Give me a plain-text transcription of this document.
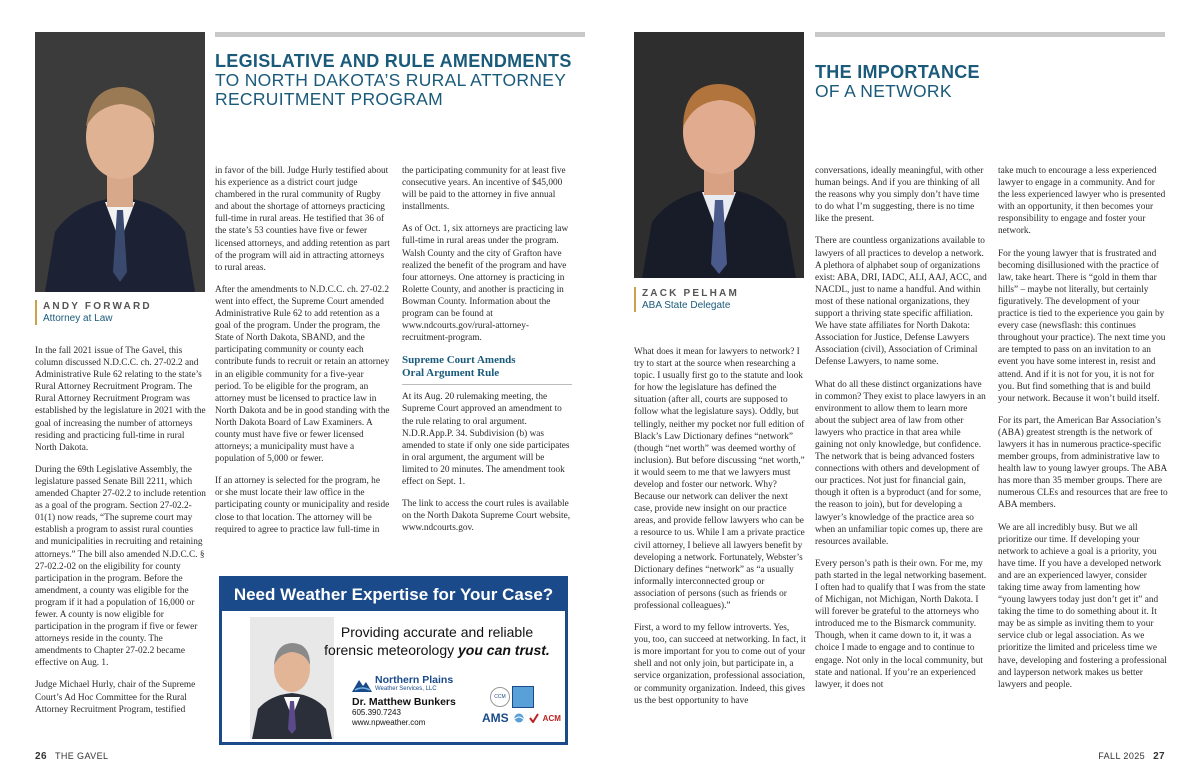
LEGISLATIVE AND RULE AMENDMENTS
TO NORTH DAKOTA’S RURAL ATTORNEY
RECRUITMENT PROGRAM
ANDY FORWARD
Attorney at Law

In the fall 2021 issue of The Gavel, this column discussed N.D.C.C. ch. 27-02.2 and Administrative Rule 62 relating to the state’s Rural Attorney Recruitment Program. The Rural Attorney Recruitment Program was established by the legislature in 2021 with the goal of increasing the number of attorneys residing and practicing full-time in rural North Dakota.

During the 69th Legislative Assembly, the legislature passed Senate Bill 2211, which amended Chapter 27-02.2 to include retention as a goal of the program. Section 27-02.2-01(1) now reads, “The supreme court may establish a program to assist rural counties and municipalities in recruiting and retaining attorneys.” The bill also amended N.D.C.C. § 27-02.2-02 on the eligibility for county participation in the program. Before the amendment, a county was eligible for the program if it had a population of 16,000 or fewer. A county is now eligible for participation in the program if five or fewer attorneys reside in the county. The amendments to Chapter 27-02.2 became effective on Aug. 1.

Judge Michael Hurly, chair of the Supreme Court’s Ad Hoc Committee for the Rural Attorney Recruitment Program, testified

in favor of the bill. Judge Hurly testified about his experience as a district court judge chambered in the rural community of Rugby and about the shortage of attorneys practicing full-time in rural areas. He testified that 36 of the state’s 53 counties have five or fewer licensed attorneys, and adding retention as part of the program will aid in attracting attorneys to rural areas.

After the amendments to N.D.C.C. ch. 27-02.2 went into effect, the Supreme Court amended Administrative Rule 62 to add retention as a goal of the program. Under the program, the State of North Dakota, SBAND, and the participating community or county each contribute funds to recruit or retain an attorney in an eligible community for a five-year period. To be eligible for the program, an attorney must be licensed to practice law in North Dakota and be in good standing with the North Dakota Board of Law Examiners. A county must have five or fewer licensed attorneys; a municipality must have a population of 5,000 or fewer.

If an attorney is selected for the program, he or she must locate their law office in the participating county or municipality and reside close to that location. The attorney will be required to agree to practice law full-time in

the participating community for at least five consecutive years. An incentive of $45,000 will be paid to the attorney in five annual installments.

As of Oct. 1, six attorneys are practicing law full-time in rural areas under the program. Walsh County and the city of Grafton have realized the benefit of the program and have four attorneys. One attorney is practicing in Rolette County, and another is practicing in Bowman County. Information about the program can be found at www.ndcourts.gov/rural-attorney-recruitment-program.

Supreme Court Amends
Oral Argument Rule

At its Aug. 20 rulemaking meeting, the Supreme Court approved an amendment to the rule relating to oral argument. N.D.R.App.P. 34. Subdivision (b) was amended to state if only one side participates in oral argument, the argument will be limited to 20 minutes. The amendment took effect on Sept. 1.

The link to access the court rules is available on the North Dakota Supreme Court website, www.ndcourts.gov.

Need Weather Expertise for Your Case?
Providing accurate and reliable
forensic meteorology you can trust.
Northern Plains
Weather Services, LLC
Dr. Matthew Bunkers
605.390.7243
www.npweather.com
CCM
AMS	ACM
26 THE GAVEL
THE IMPORTANCE
OF A NETWORK
ZACK PELHAM
ABA State Delegate

What does it mean for lawyers to network? I try to start at the source when researching a topic. I usually first go to the statute and look for how the legislature has defined the situation (after all, courts are supposed to follow what the legislature says). Oddly, but tellingly, neither my pocket nor full edition of Black’s Law Dictionary defines “network” (though “net worth” was deemed worthy of inclusion). But before discussing “net worth,” it would seem to me that we lawyers must develop and foster our network. Why? Because our network can deliver the next case, provide new insight on our practice areas, and provide fellow lawyers who can be a resource to us. While I am a private practice civil attorney, I believe all lawyers benefit by developing a network. Fortunately, Webster’s Dictionary defines “network” as “a usually informally interconnected group or association of persons (such as friends or professional colleagues).”

First, a word to my fellow introverts. Yes, you, too, can succeed at networking. In fact, it is more important for you to come out of your shell and not only join, but participate in, a service organization, professional association, or community organization. Indeed, this gives us the best opportunity to have

conversations, ideally meaningful, with other human beings. And if you are thinking of all the reasons why you simply don’t have time to do what I’m suggesting, there is no time like the present.

There are countless organizations available to lawyers of all practices to develop a network. A plethora of alphabet soup of organizations exist: ABA, DRI, IADC, ALI, AAJ, ACC, and NACDL, just to name a handful. And within most of these national organizations, they support a thriving state specific affiliation. We have state affiliates for North Dakota: Association for Justice, Defense Lawyers Association (civil), Association of Criminal Defense Lawyers, to name some.

What do all these distinct organizations have in common? They exist to place lawyers in an environment to allow them to learn more about the subject area of law from other lawyers who practice in that area while gaining not only knowledge, but confidence. The network that is being advanced fosters connections with others and development of our practices. Not just for financial gain, though it often is a byproduct (and for some, the reason to join), but for developing a lawyer’s knowledge of the practice area so when an unfamiliar topic comes up, there are resources available.

Every person’s path is their own. For me, my path started in the legal networking basement. I often had to qualify that I was from the state of Michigan, not Michigan, North Dakota. I will forever be grateful to the attorneys who introduced me to the Bismarck community. Though, when it came down to it, it was a choice I made to engage and to continue to engage. Not only in the local community, but state and national. If you’re an experienced lawyer, it does not

take much to encourage a less experienced lawyer to engage in a community. And for the less experienced lawyer who is presented with an opportunity, it then becomes your responsibility to engage and foster your network.

For the young lawyer that is frustrated and becoming disillusioned with the practice of law, take heart. There is “gold in them thar hills” – maybe not literally, but certainly figuratively. The development of your practice is tied to the experience you gain by every case (newsflash: this continues throughout your practice). The next time you are tempted to pass on an invitation to an event you have some interest in, resist and attend. And if it is not for you, it is not for you. But find something that is and build your network. Because it won’t build itself.

For its part, the American Bar Association’s (ABA) greatest strength is the network of lawyers it has in numerous practice-specific member groups, from administrative law to health law to young lawyer groups. The ABA has more than 35 member groups. There are numerous CLEs and resources that are free to ABA members.

We are all incredibly busy. But we all prioritize our time. If developing your network to achieve a goal is a priority, you have time. If you have a developed network and are an experienced lawyer, consider taking time away from lamenting how “young lawyers today just don’t get it” and taking the time to do something about it. It may be as simple as inviting them to your service club or legal association. As we prioritize the limited and priceless time we have, developing and fostering a professional and layperson network makes us better lawyers and people.

FALL 2025 27
